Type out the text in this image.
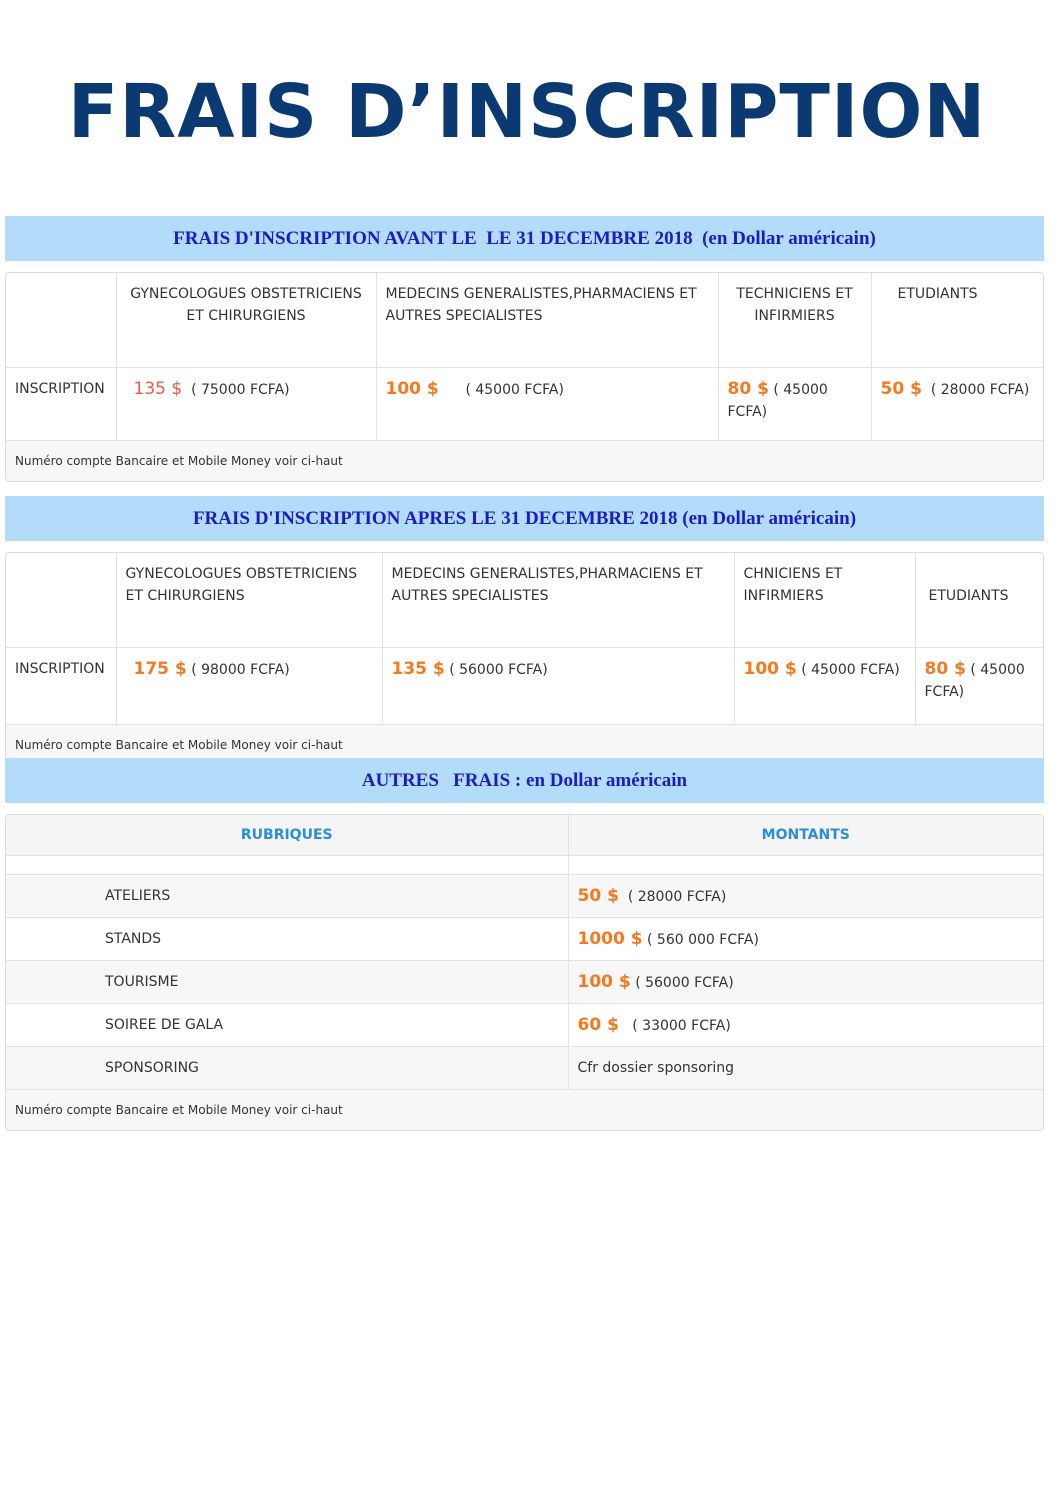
FRAIS D’INSCRIPTION
FRAIS D'INSCRIPTION AVANT LE  LE 31 DECEMBRE 2018  (en Dollar américain)
	GYNECOLOGUES OBSTETRICIENS ET CHIRURGIENS	MEDECINS GENERALISTES,PHARMACIENS ET AUTRES SPECIALISTES	TECHNICIENS ET INFIRMIERS	ETUDIANTS
INSCRIPTION	135 $ ( 75000 FCFA)	100 $ ( 45000 FCFA)	80 $ ( 45000 FCFA)	50 $ ( 28000 FCFA)
Numéro compte Bancaire et Mobile Money voir ci-haut
FRAIS D'INSCRIPTION APRES LE 31 DECEMBRE 2018 (en Dollar américain)
	GYNECOLOGUES OBSTETRICIENS ET CHIRURGIENS	MEDECINS GENERALISTES,PHARMACIENS ET AUTRES SPECIALISTES	CHNICIENS ET INFIRMIERS	ETUDIANTS
INSCRIPTION	175 $ ( 98000 FCFA)	135 $ ( 56000 FCFA)	100 $ ( 45000 FCFA)	80 $ ( 45000 FCFA)
Numéro compte Bancaire et Mobile Money voir ci-haut
AUTRES   FRAIS : en Dollar américain
RUBRIQUES	MONTANTS

ATELIERS	50 $ ( 28000 FCFA)
STANDS	1000 $ ( 560 000 FCFA)
TOURISME	100 $ ( 56000 FCFA)
SOIREE DE GALA	60 $ ( 33000 FCFA)
SPONSORING	Cfr dossier sponsoring
Numéro compte Bancaire et Mobile Money voir ci-haut
